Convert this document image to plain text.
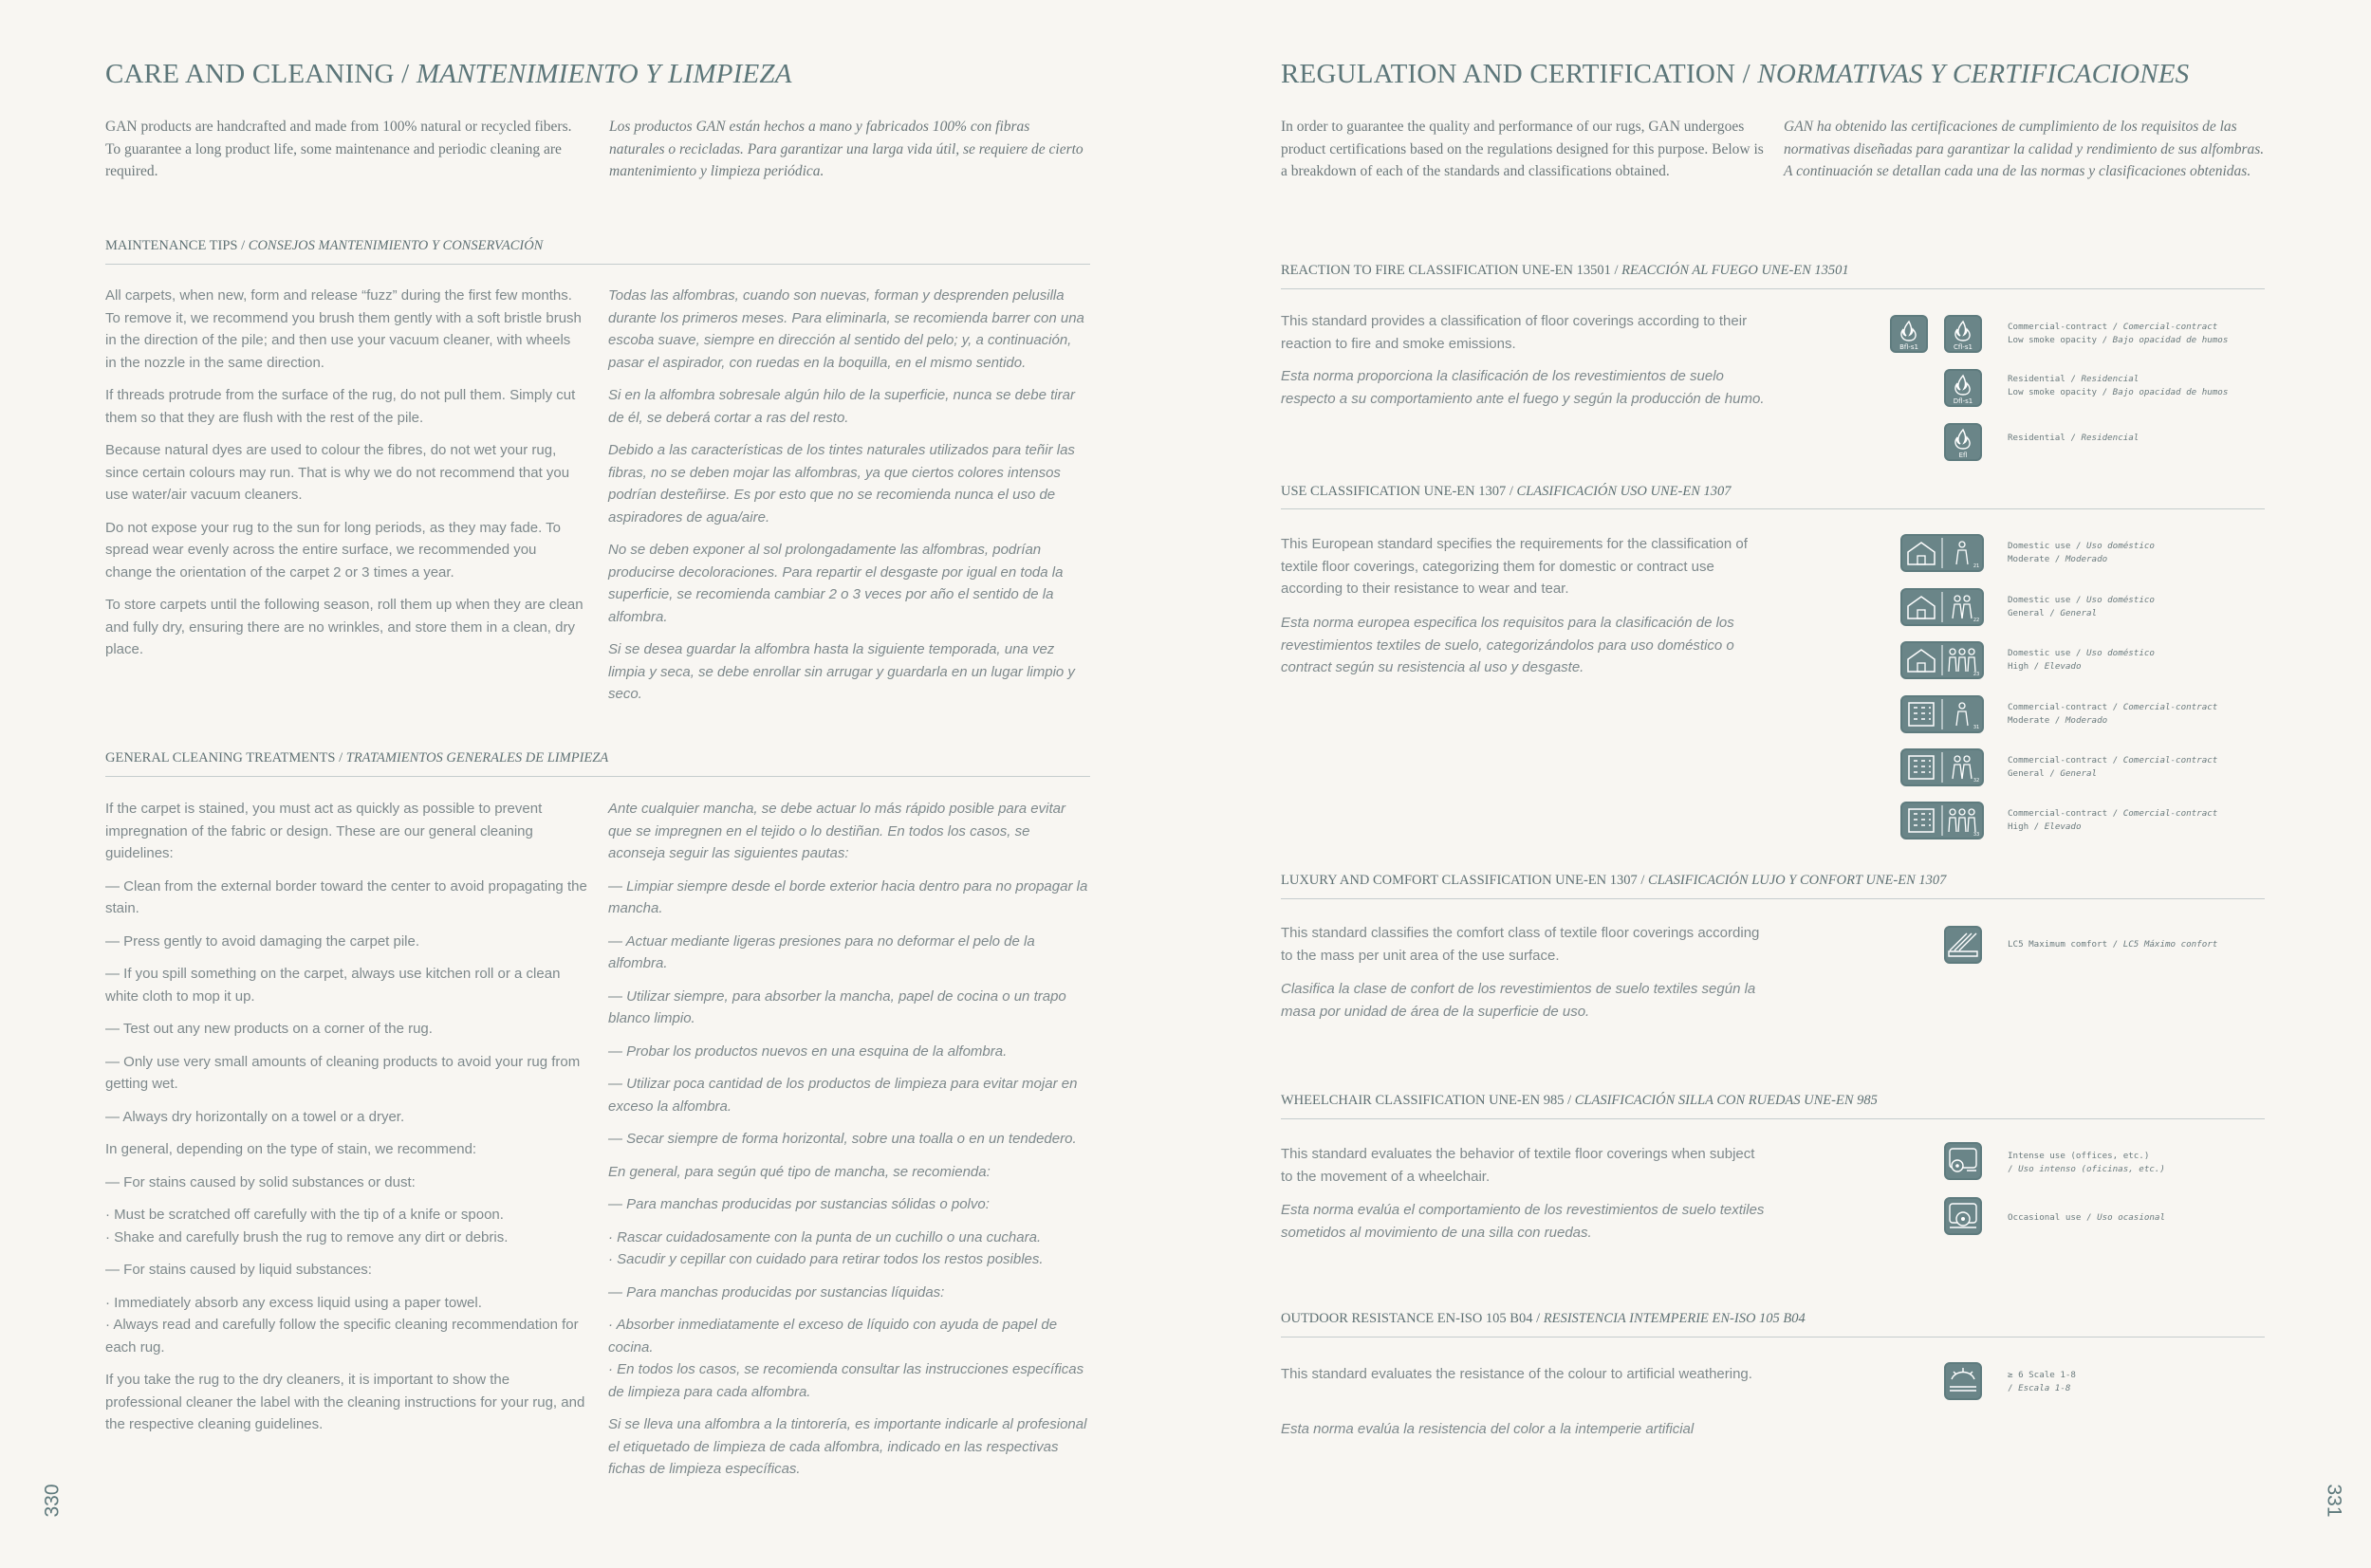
CARE AND CLEANING / MANTENIMIENTO Y LIMPIEZA
GAN products are handcrafted and made from 100% natural or recycled fibers. To guarantee a long product life, some maintenance and periodic cleaning are required.
Los productos GAN están hechos a mano y fabricados 100% con fibras naturales o recicladas. Para garantizar una larga vida útil, se requiere de cierto mantenimiento y limpieza periódica.
MAINTENANCE TIPS / CONSEJOS MANTENIMIENTO Y CONSERVACIÓN

All carpets, when new, form and release “fuzz” during the first few months. To remove it, we recommend you brush them gently with a soft bristle brush in the direction of the pile; and then use your vacuum cleaner, with wheels in the nozzle in the same direction.

If threads protrude from the surface of the rug, do not pull them. Simply cut them so that they are flush with the rest of the pile.

Because natural dyes are used to colour the fibres, do not wet your rug, since certain colours may run. That is why we do not recommend that you use water/air vacuum cleaners.

Do not expose your rug to the sun for long periods, as they may fade. To spread wear evenly across the entire surface, we recommended you change the orientation of the carpet 2 or 3 times a year.

To store carpets until the following season, roll them up when they are clean and fully dry, ensuring there are no wrinkles, and store them in a clean, dry place.

Todas las alfombras, cuando son nuevas, forman y desprenden pelusilla durante los primeros meses. Para eliminarla, se recomienda barrer con una escoba suave, siempre en dirección al sentido del pelo; y, a continuación, pasar el aspirador, con ruedas en la boquilla, en el mismo sentido.

Si en la alfombra sobresale algún hilo de la superficie, nunca se debe tirar de él, se deberá cortar a ras del resto.

Debido a las características de los tintes naturales utilizados para teñir las fibras, no se deben mojar las alfombras, ya que ciertos colores intensos podrían desteñirse. Es por esto que no se recomienda nunca el uso de aspiradores de agua/aire.

No se deben exponer al sol prolongadamente las alfombras, podrían producirse decoloraciones. Para repartir el desgaste por igual en toda la superficie, se recomienda cambiar 2 o 3 veces por año el sentido de la alfombra.

Si se desea guardar la alfombra hasta la siguiente temporada, una vez limpia y seca, se debe enrollar sin arrugar y guardarla en un lugar limpio y seco.

GENERAL CLEANING TREATMENTS / TRATAMIENTOS GENERALES DE LIMPIEZA

If the carpet is stained, you must act as quickly as possible to prevent impregnation of the fabric or design. These are our general cleaning guidelines:

— Clean from the external border toward the center to avoid propagating the stain.

— Press gently to avoid damaging the carpet pile.

— If you spill something on the carpet, always use kitchen roll or a clean white cloth to mop it up.

— Test out any new products on a corner of the rug.

— Only use very small amounts of cleaning products to avoid your rug from getting wet.

— Always dry horizontally on a towel or a dryer.

In general, depending on the type of stain, we recommend:

— For stains caused by solid substances or dust:

· Must be scratched off carefully with the tip of a knife or spoon.

· Shake and carefully brush the rug to remove any dirt or debris.

— For stains caused by liquid substances:

· Immediately absorb any excess liquid using a paper towel.

· Always read and carefully follow the specific cleaning recommendation for each rug.

If you take the rug to the dry cleaners, it is important to show the professional cleaner the label with the cleaning instructions for your rug, and the respective cleaning guidelines.

Ante cualquier mancha, se debe actuar lo más rápido posible para evitar que se impregnen en el tejido o lo destiñan. En todos los casos, se aconseja seguir las siguientes pautas:

— Limpiar siempre desde el borde exterior hacia dentro para no propagar la mancha.

— Actuar mediante ligeras presiones para no deformar el pelo de la alfombra.

— Utilizar siempre, para absorber la mancha, papel de cocina o un trapo blanco limpio.

— Probar los productos nuevos en una esquina de la alfombra.

— Utilizar poca cantidad de los productos de limpieza para evitar mojar en exceso la alfombra.

— Secar siempre de forma horizontal, sobre una toalla o en un tendedero.

En general, para según qué tipo de mancha, se recomienda:

— Para manchas producidas por sustancias sólidas o polvo:

· Rascar cuidadosamente con la punta de un cuchillo o una cuchara.

· Sacudir y cepillar con cuidado para retirar todos los restos posibles.

— Para manchas producidas por sustancias líquidas:

· Absorber inmediatamente el exceso de líquido con ayuda de papel de cocina.

· En todos los casos, se recomienda consultar las instrucciones específicas de limpieza para cada alfombra.

Si se lleva una alfombra a la tintorería, es importante indicarle al profesional el etiquetado de limpieza de cada alfombra, indicado en las respectivas fichas de limpieza específicas.

330
REGULATION AND CERTIFICATION / NORMATIVAS Y CERTIFICACIONES
In order to guarantee the quality and performance of our rugs, GAN undergoes product certifications based on the regulations designed for this purpose. Below is a breakdown of each of the standards and classifications obtained.
GAN ha obtenido las certificaciones de cumplimiento de los requisitos de las normativas diseñadas para garantizar la calidad y rendimiento de sus alfombras. A continuación se detallan cada una de las normas y clasificaciones obtenidas.
REACTION TO FIRE CLASSIFICATION UNE-EN 13501 / REACCIÓN AL FUEGO UNE-EN 13501
This standard provides a classification of floor coverings according to their reaction to fire and smoke emissions.
Esta norma proporciona la clasificación de los revestimientos de suelo respecto a su comportamiento ante el fuego y según la producción de humo.
Bfl-s1	Cfl-s1
Commercial-contract / Comercial-contract
Low smoke opacity / Bajo opacidad de humos
Dfl-s1
Residential / Residencial
Low smoke opacity / Bajo opacidad de humos
Efl
Residential / Residencial
USE CLASSIFICATION UNE-EN 1307 / CLASIFICACIÓN USO UNE-EN 1307
This European standard specifies the requirements for the classification of textile floor coverings, categorizing them for domestic or contract use according to their resistance to wear and tear.
Esta norma europea especifica los requisitos para la clasificación de los revestimientos textiles de suelo, categorizándolos para uso doméstico o contract según su resistencia al uso y desgaste.
21
Domestic use / Uso doméstico
Moderate / Moderado
22
Domestic use / Uso doméstico
General / General
23
Domestic use / Uso doméstico
High / Elevado
31
Commercial-contract / Comercial-contract
Moderate / Moderado
32
Commercial-contract / Comercial-contract
General / General
33
Commercial-contract / Comercial-contract
High / Elevado
LUXURY AND COMFORT CLASSIFICATION UNE-EN 1307 / CLASIFICACIÓN LUJO Y CONFORT UNE-EN 1307
This standard classifies the comfort class of textile floor coverings according to the mass per unit area of the use surface.
Clasifica la clase de confort de los revestimientos de suelo textiles según la masa por unidad de área de la superficie de uso.
LC5 Maximum comfort / LC5 Máximo confort
WHEELCHAIR CLASSIFICATION UNE-EN 985 / CLASIFICACIÓN SILLA CON RUEDAS UNE-EN 985
This standard evaluates the behavior of textile floor coverings when subject to the movement of a wheelchair.
Esta norma evalúa el comportamiento de los revestimientos de suelo textiles sometidos al movimiento de una silla con ruedas.
Intense use (offices, etc.)
/ Uso intenso (oficinas, etc.)
Occasional use / Uso ocasional
OUTDOOR RESISTANCE EN-ISO 105 B04 / RESISTENCIA INTEMPERIE EN-ISO 105 B04
This standard evaluates the resistance of the colour to artificial weathering.
Esta norma evalúa la resistencia del color a la intemperie artificial
≥ 6 Scale 1-8
/ Escala 1-8
331
